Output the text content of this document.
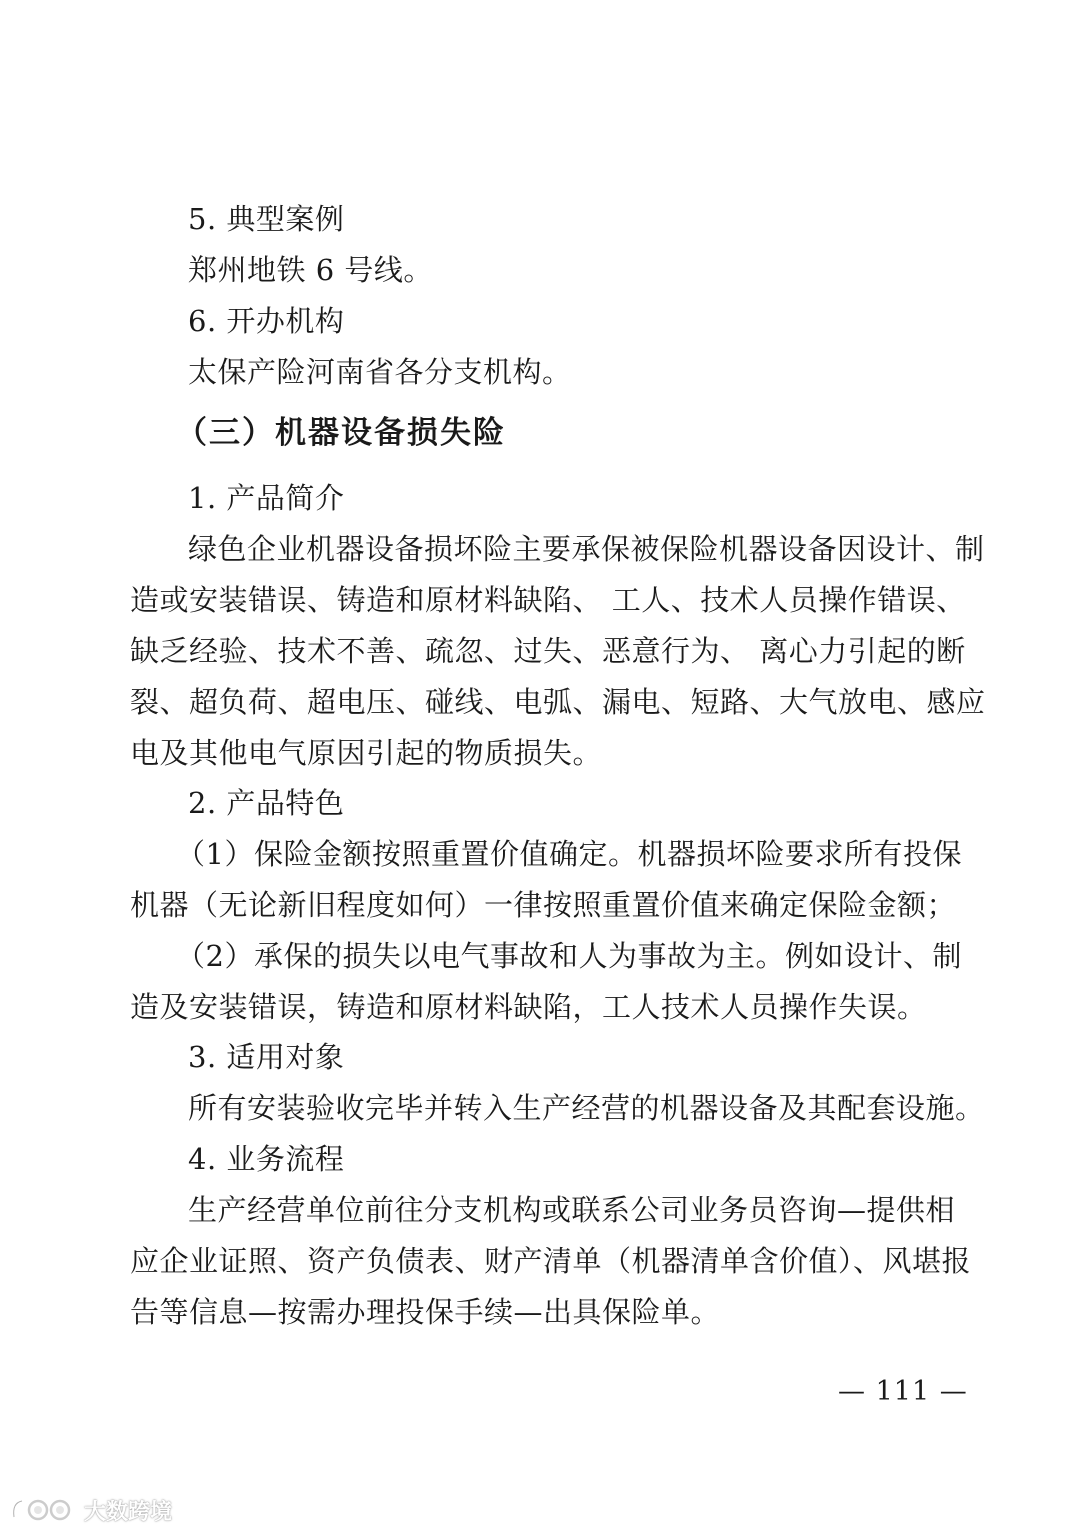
5. 典型案例
郑州地铁 6 号线。
6. 开办机构
太保产险河南省各分支机构。
（三）机器设备损失险
1. 产品简介
绿色企业机器设备损坏险主要承保被保险机器设备因设计、制
造或安装错误、铸造和原材料缺陷、 工人、技术人员操作错误、
缺乏经验、技术不善、疏忽、过失、恶意行为、 离心力引起的断
裂、超负荷、超电压、碰线、电弧、漏电、短路、大气放电、感应
电及其他电气原因引起的物质损失。
2. 产品特色
（1）保险金额按照重置价值确定。机器损坏险要求所有投保
机器（无论新旧程度如何）一律按照重置价值来确定保险金额；
（2）承保的损失以电气事故和人为事故为主。例如设计、制
造及安装错误，铸造和原材料缺陷，工人技术人员操作失误。
3. 适用对象
所有安装验收完毕并转入生产经营的机器设备及其配套设施。
4. 业务流程
生产经营单位前往分支机构或联系公司业务员咨询—提供相
应企业证照、资产负债表、财产清单（机器清单含价值）、风堪报
告等信息—按需办理投保手续—出具保险单。
— 111 —
大数跨境
